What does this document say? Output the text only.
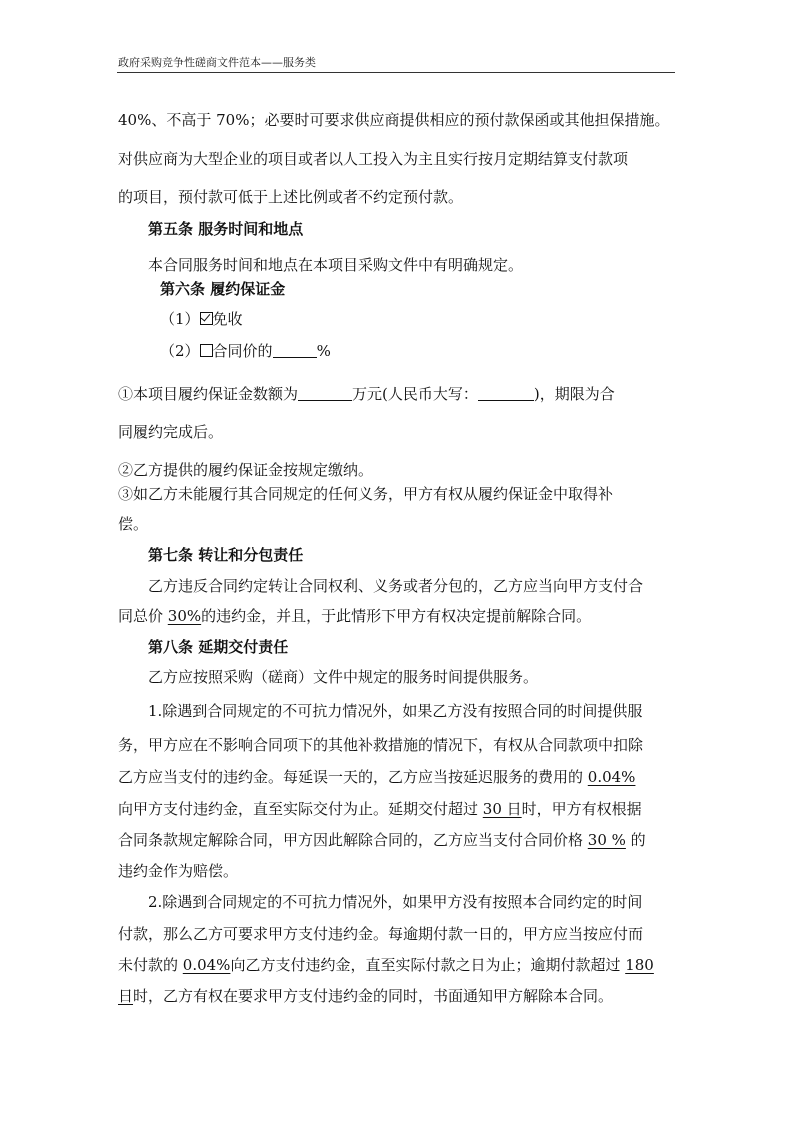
政府采购竞争性磋商文件范本——服务类
40%、不高于 70%；必要时可要求供应商提供相应的预付款保函或其他担保措施。
对供应商为大型企业的项目或者以人工投入为主且实行按月定期结算支付款项
的项目，预付款可低于上述比例或者不约定预付款。
第五条 服务时间和地点
本合同服务时间和地点在本项目采购文件中有明确规定。
第六条 履约保证金
（1） 免收
（2） 合同价的	%
①本项目履约保证金数额为	万元(人民币大写：	)，期限为合
同履约完成后。
②乙方提供的履约保证金按规定缴纳。
③如乙方未能履行其合同规定的任何义务，甲方有权从履约保证金中取得补
偿。
第七条 转让和分包责任
乙方违反合同约定转让合同权利、义务或者分包的，乙方应当向甲方支付合
同总价 30%的违约金，并且，于此情形下甲方有权决定提前解除合同。
第八条 延期交付责任
乙方应按照采购（磋商）文件中规定的服务时间提供服务。
1.除遇到合同规定的不可抗力情况外，如果乙方没有按照合同的时间提供服
务，甲方应在不影响合同项下的其他补救措施的情况下，有权从合同款项中扣除
乙方应当支付的违约金。每延误一天的，乙方应当按延迟服务的费用的 0.04%
向甲方支付违约金，直至实际交付为止。延期交付超过 30 日时，甲方有权根据
合同条款规定解除合同，甲方因此解除合同的，乙方应当支付合同价格 30 % 的
违约金作为赔偿。
2.除遇到合同规定的不可抗力情况外，如果甲方没有按照本合同约定的时间
付款，那么乙方可要求甲方支付违约金。每逾期付款一日的，甲方应当按应付而
未付款的 0.04%向乙方支付违约金，直至实际付款之日为止；逾期付款超过 180
日时，乙方有权在要求甲方支付违约金的同时，书面通知甲方解除本合同。
